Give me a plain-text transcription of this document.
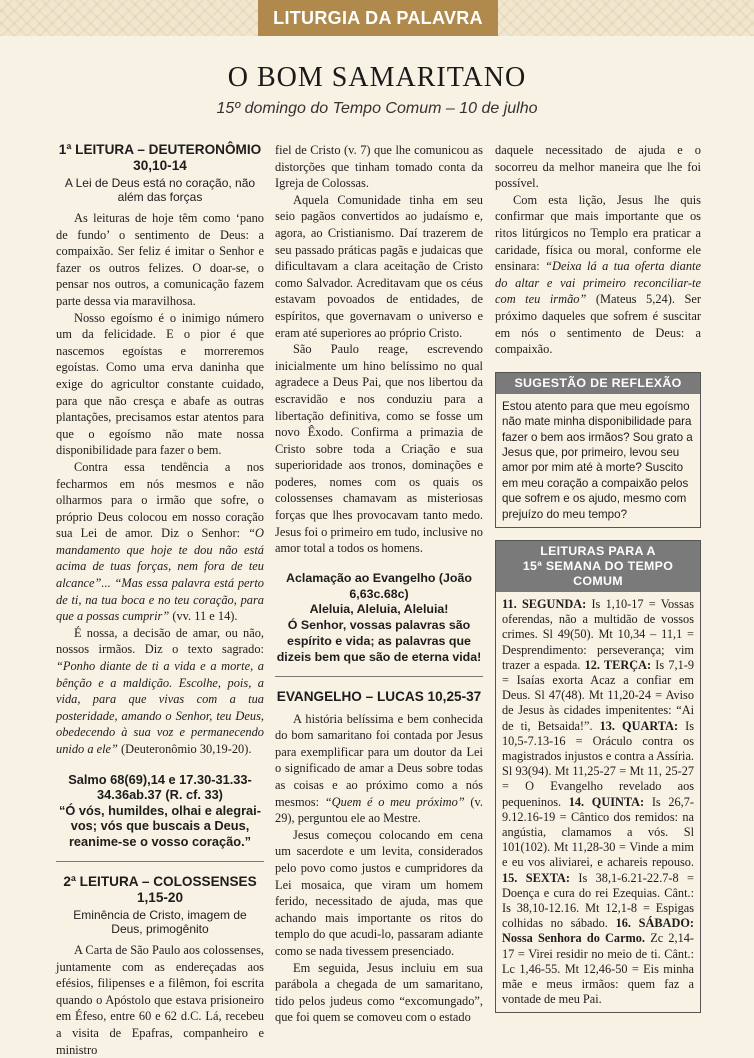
LITURGIA DA PALAVRA
O BOM SAMARITANO
15º domingo do Tempo Comum – 10 de julho
1ª LEITURA – DEUTERONÔMIO 30,10-14
A Lei de Deus está no coração, não além das forças

As leituras de hoje têm como ‘pano de fundo’ o sentimento de Deus: a compaixão. Ser feliz é imitar o Senhor e fazer os outros felizes. O doar-se, o pensar nos outros, a comunicação fazem parte dessa via maravilhosa.

Nosso egoísmo é o inimigo número um da felicidade. E o pior é que nascemos egoístas e morreremos egoístas. Como uma erva daninha que exige do agricultor constante cuidado, para que não cresça e abafe as outras plantações, precisamos estar atentos para que o egoísmo não mate nossa disponibilidade para fazer o bem.

Contra essa tendência a nos fecharmos em nós mesmos e não olharmos para o irmão que sofre, o próprio Deus colocou em nosso coração sua Lei de amor. Diz o Senhor: “O mandamento que hoje te dou não está acima de tuas forças, nem fora de teu alcance”... “Mas essa palavra está perto de ti, na tua boca e no teu coração, para que a possas cumprir” (vv. 11 e 14).

É nossa, a decisão de amar, ou não, nossos irmãos. Diz o texto sagrado: “Ponho diante de ti a vida e a morte, a bênção e a maldição. Escolhe, pois, a vida, para que vivas com a tua posteridade, amando o Senhor, teu Deus, obedecendo à sua voz e permanecendo unido a ele” (Deuteronômio 30,19-20).

Salmo 68(69),14 e 17.30-31.33-34.36ab.37 (R. cf. 33)
“Ó vós, humildes, olhai e alegrai-vos; vós que buscais a Deus, reanime-se o vosso coração.”
2ª LEITURA – COLOSSENSES 1,15-20
Eminência de Cristo, imagem de Deus, primogênito

A Carta de São Paulo aos colossenses, juntamente com as endereçadas aos efésios, filipenses e a filêmon, foi escrita quando o Apóstolo que estava prisioneiro em Éfeso, entre 60 e 62 d.C. Lá, recebeu a visita de Epafras, companheiro e ministro

fiel de Cristo (v. 7) que lhe comunicou as distorções que tinham tomado conta da Igreja de Colossas.

Aquela Comunidade tinha em seu seio pagãos convertidos ao judaísmo e, agora, ao Cristianismo. Daí trazerem de seu passado práticas pagãs e judaicas que dificultavam a clara aceitação de Cristo como Salvador. Acreditavam que os céus estavam povoados de entidades, de espíritos, que governavam o universo e eram até superiores ao próprio Cristo.

São Paulo reage, escrevendo inicialmente um hino belíssimo no qual agradece a Deus Pai, que nos libertou da escravidão e nos conduziu para a libertação definitiva, como se fosse um novo Êxodo. Confirma a primazia de Cristo sobre toda a Criação e sua superioridade aos tronos, dominações e poderes, nomes com os quais os colossenses chamavam as misteriosas forças que lhes provocavam tanto medo. Jesus foi o primeiro em tudo, inclusive no amor total a todos os homens.

Aclamação ao Evangelho (João 6,63c.68c)
Aleluia, Aleluia, Aleluia!
Ó Senhor, vossas palavras são espírito e vida; as palavras que dizeis bem que são de eterna vida!
EVANGELHO – LUCAS 10,25-37

A história belíssima e bem conhecida do bom samaritano foi contada por Jesus para exemplificar para um doutor da Lei o significado de amar a Deus sobre todas as coisas e ao próximo como a nós mesmos: “Quem é o meu próximo” (v. 29), perguntou ele ao Mestre.

Jesus começou colocando em cena um sacerdote e um levita, considerados pelo povo como justos e cumpridores da Lei mosaica, que viram um homem ferido, necessitado de ajuda, mas que achando mais importante os ritos do templo do que acudi-lo, passaram adiante como se nada tivessem presenciado.

Em seguida, Jesus incluiu em sua parábola a chegada de um samaritano, tido pelos judeus como “excomungado”, que foi quem se comoveu com o estado

daquele necessitado de ajuda e o socorreu da melhor maneira que lhe foi possível.

Com esta lição, Jesus lhe quis confirmar que mais importante que os ritos litúrgicos no Templo era praticar a caridade, física ou moral, conforme ele ensinara: “Deixa lá a tua oferta diante do altar e vai primeiro reconciliar-te com teu irmão” (Mateus 5,24). Ser próximo daqueles que sofrem é suscitar em nós o sentimento de Deus: a compaixão.

SUGESTÃO DE REFLEXÃO
Estou atento para que meu egoísmo não mate minha disponibilidade para fazer o bem aos irmãos? Sou grato a Jesus que, por primeiro, levou seu amor por mim até à morte? Suscito em meu coração a compaixão pelos que sofrem e os ajudo, mesmo com prejuízo do meu tempo?
LEITURAS PARA A
15ª SEMANA DO TEMPO COMUM
11. SEGUNDA: Is 1,10-17 = Vossas oferendas, não a multidão de vossos crimes. Sl 49(50). Mt 10,34 – 11,1 = Desprendimento: perseverança; vim trazer a espada. 12. TERÇA: Is 7,1-9 = Isaías exorta Acaz a confiar em Deus. Sl 47(48). Mt 11,20-24 = Aviso de Jesus às cidades impenitentes: “Ai de ti, Betsaida!”. 13. QUARTA: Is 10,5-7.13-16 = Oráculo contra os magistrados injustos e contra a Assíria. Sl 93(94). Mt 11,25-27 = Mt 11, 25-27 = O Evangelho revelado aos pequeninos. 14. QUINTA: Is 26,7-9.12.16-19 = Cântico dos remidos: na angústia, clamamos a vós. Sl 101(102). Mt 11,28-30 = Vinde a mim e eu vos aliviarei, e achareis repouso. 15. SEXTA: Is 38,1-6.21-22.7-8 = Doença e cura do rei Ezequias. Cânt.: Is 38,10-12.16. Mt 12,1-8 = Espigas colhidas no sábado. 16. SÁBADO: Nossa Senhora do Carmo. Zc 2,14-17 = Virei residir no meio de ti. Cânt.: Lc 1,46-55. Mt 12,46-50 = Eis minha mãe e meus irmãos: quem faz a vontade de meu Pai.
